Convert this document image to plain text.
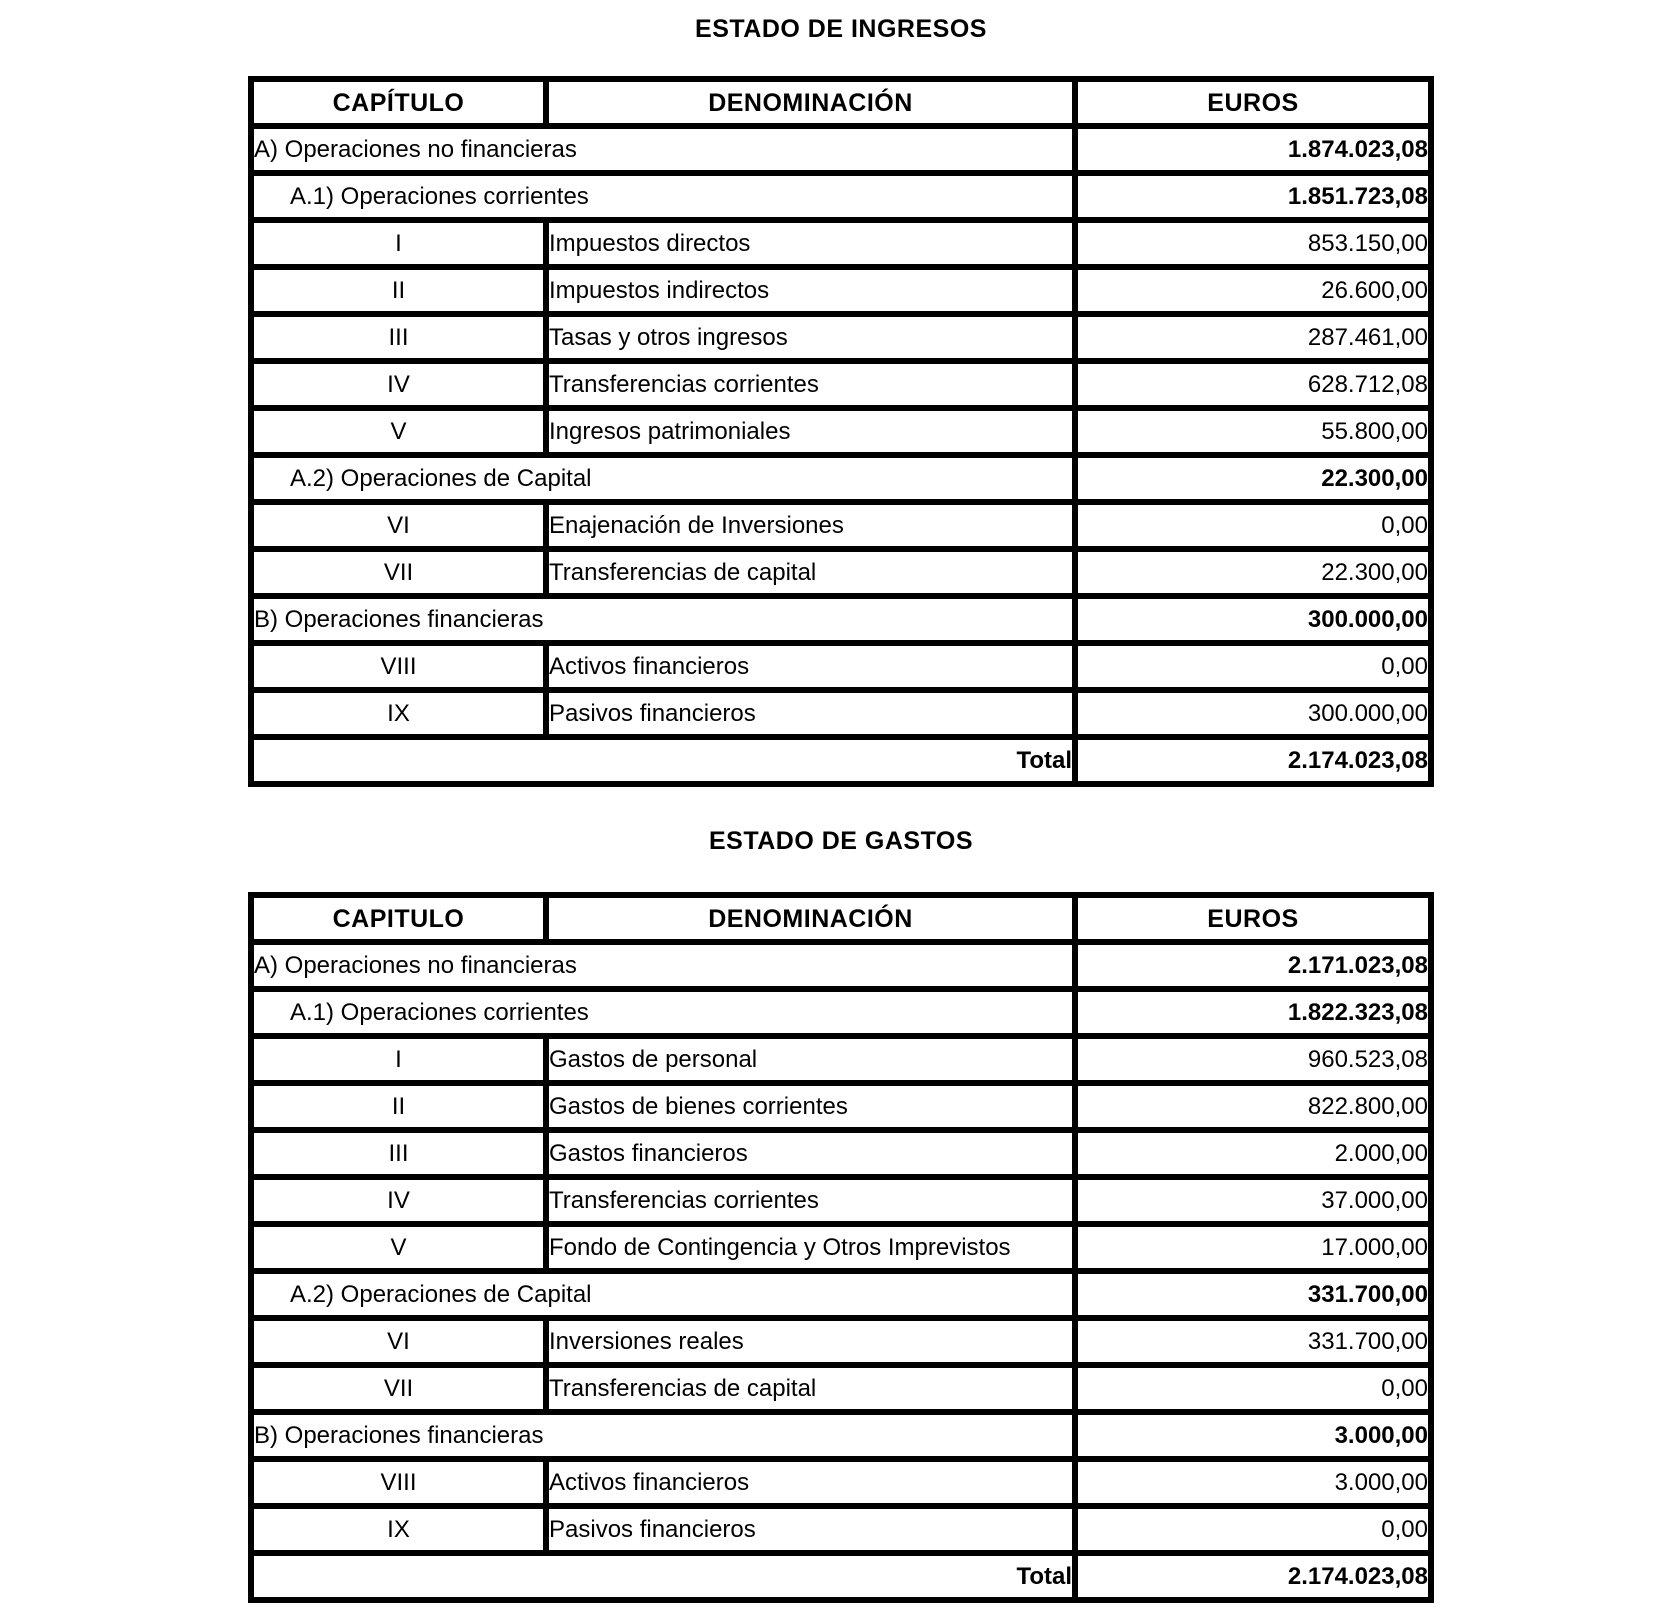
ESTADO DE INGRESOS
CAPÍTULO	DENOMINACIÓN	EUROS
A) Operaciones no financieras		1.874.023,08
A.1) Operaciones corrientes		1.851.723,08
I	Impuestos directos	853.150,00
II	Impuestos indirectos	26.600,00
III	Tasas y otros ingresos	287.461,00
IV	Transferencias corrientes	628.712,08
V	Ingresos patrimoniales	55.800,00
A.2) Operaciones de Capital		22.300,00
VI	Enajenación de Inversiones	0,00
VII	Transferencias de capital	22.300,00
B) Operaciones financieras		300.000,00
VIII	Activos financieros	0,00
IX	Pasivos financieros	300.000,00
Total		2.174.023,08
ESTADO DE GASTOS
CAPITULO	DENOMINACIÓN	EUROS
A) Operaciones no financieras		2.171.023,08
A.1) Operaciones corrientes		1.822.323,08
I	Gastos de personal	960.523,08
II	Gastos de bienes corrientes	822.800,00
III	Gastos financieros	2.000,00
IV	Transferencias corrientes	37.000,00
V	Fondo de Contingencia y Otros Imprevistos	17.000,00
A.2) Operaciones de Capital		331.700,00
VI	Inversiones reales	331.700,00
VII	Transferencias de capital	0,00
B) Operaciones financieras		3.000,00
VIII	Activos financieros	3.000,00
IX	Pasivos financieros	0,00
Total		2.174.023,08
